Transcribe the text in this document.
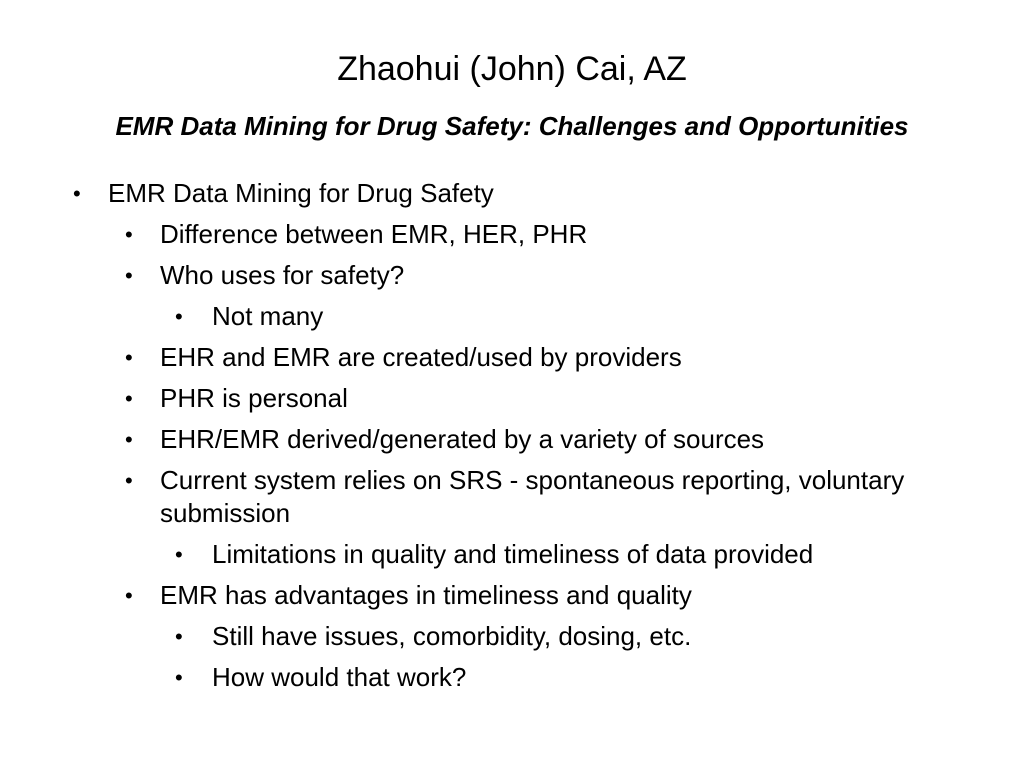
Zhaohui (John) Cai, AZ
EMR Data Mining for Drug Safety: Challenges and Opportunities
• EMR Data Mining for Drug Safety
• Difference between EMR, HER, PHR
• Who uses for safety?
• Not many
• EHR and EMR are created/used by providers
• PHR is personal
• EHR/EMR derived/generated by a variety of sources
• Current system relies on SRS - spontaneous reporting, voluntary submission
• Limitations in quality and timeliness of data provided
• EMR has advantages in timeliness and quality
• Still have issues, comorbidity, dosing, etc.
• How would that work?
